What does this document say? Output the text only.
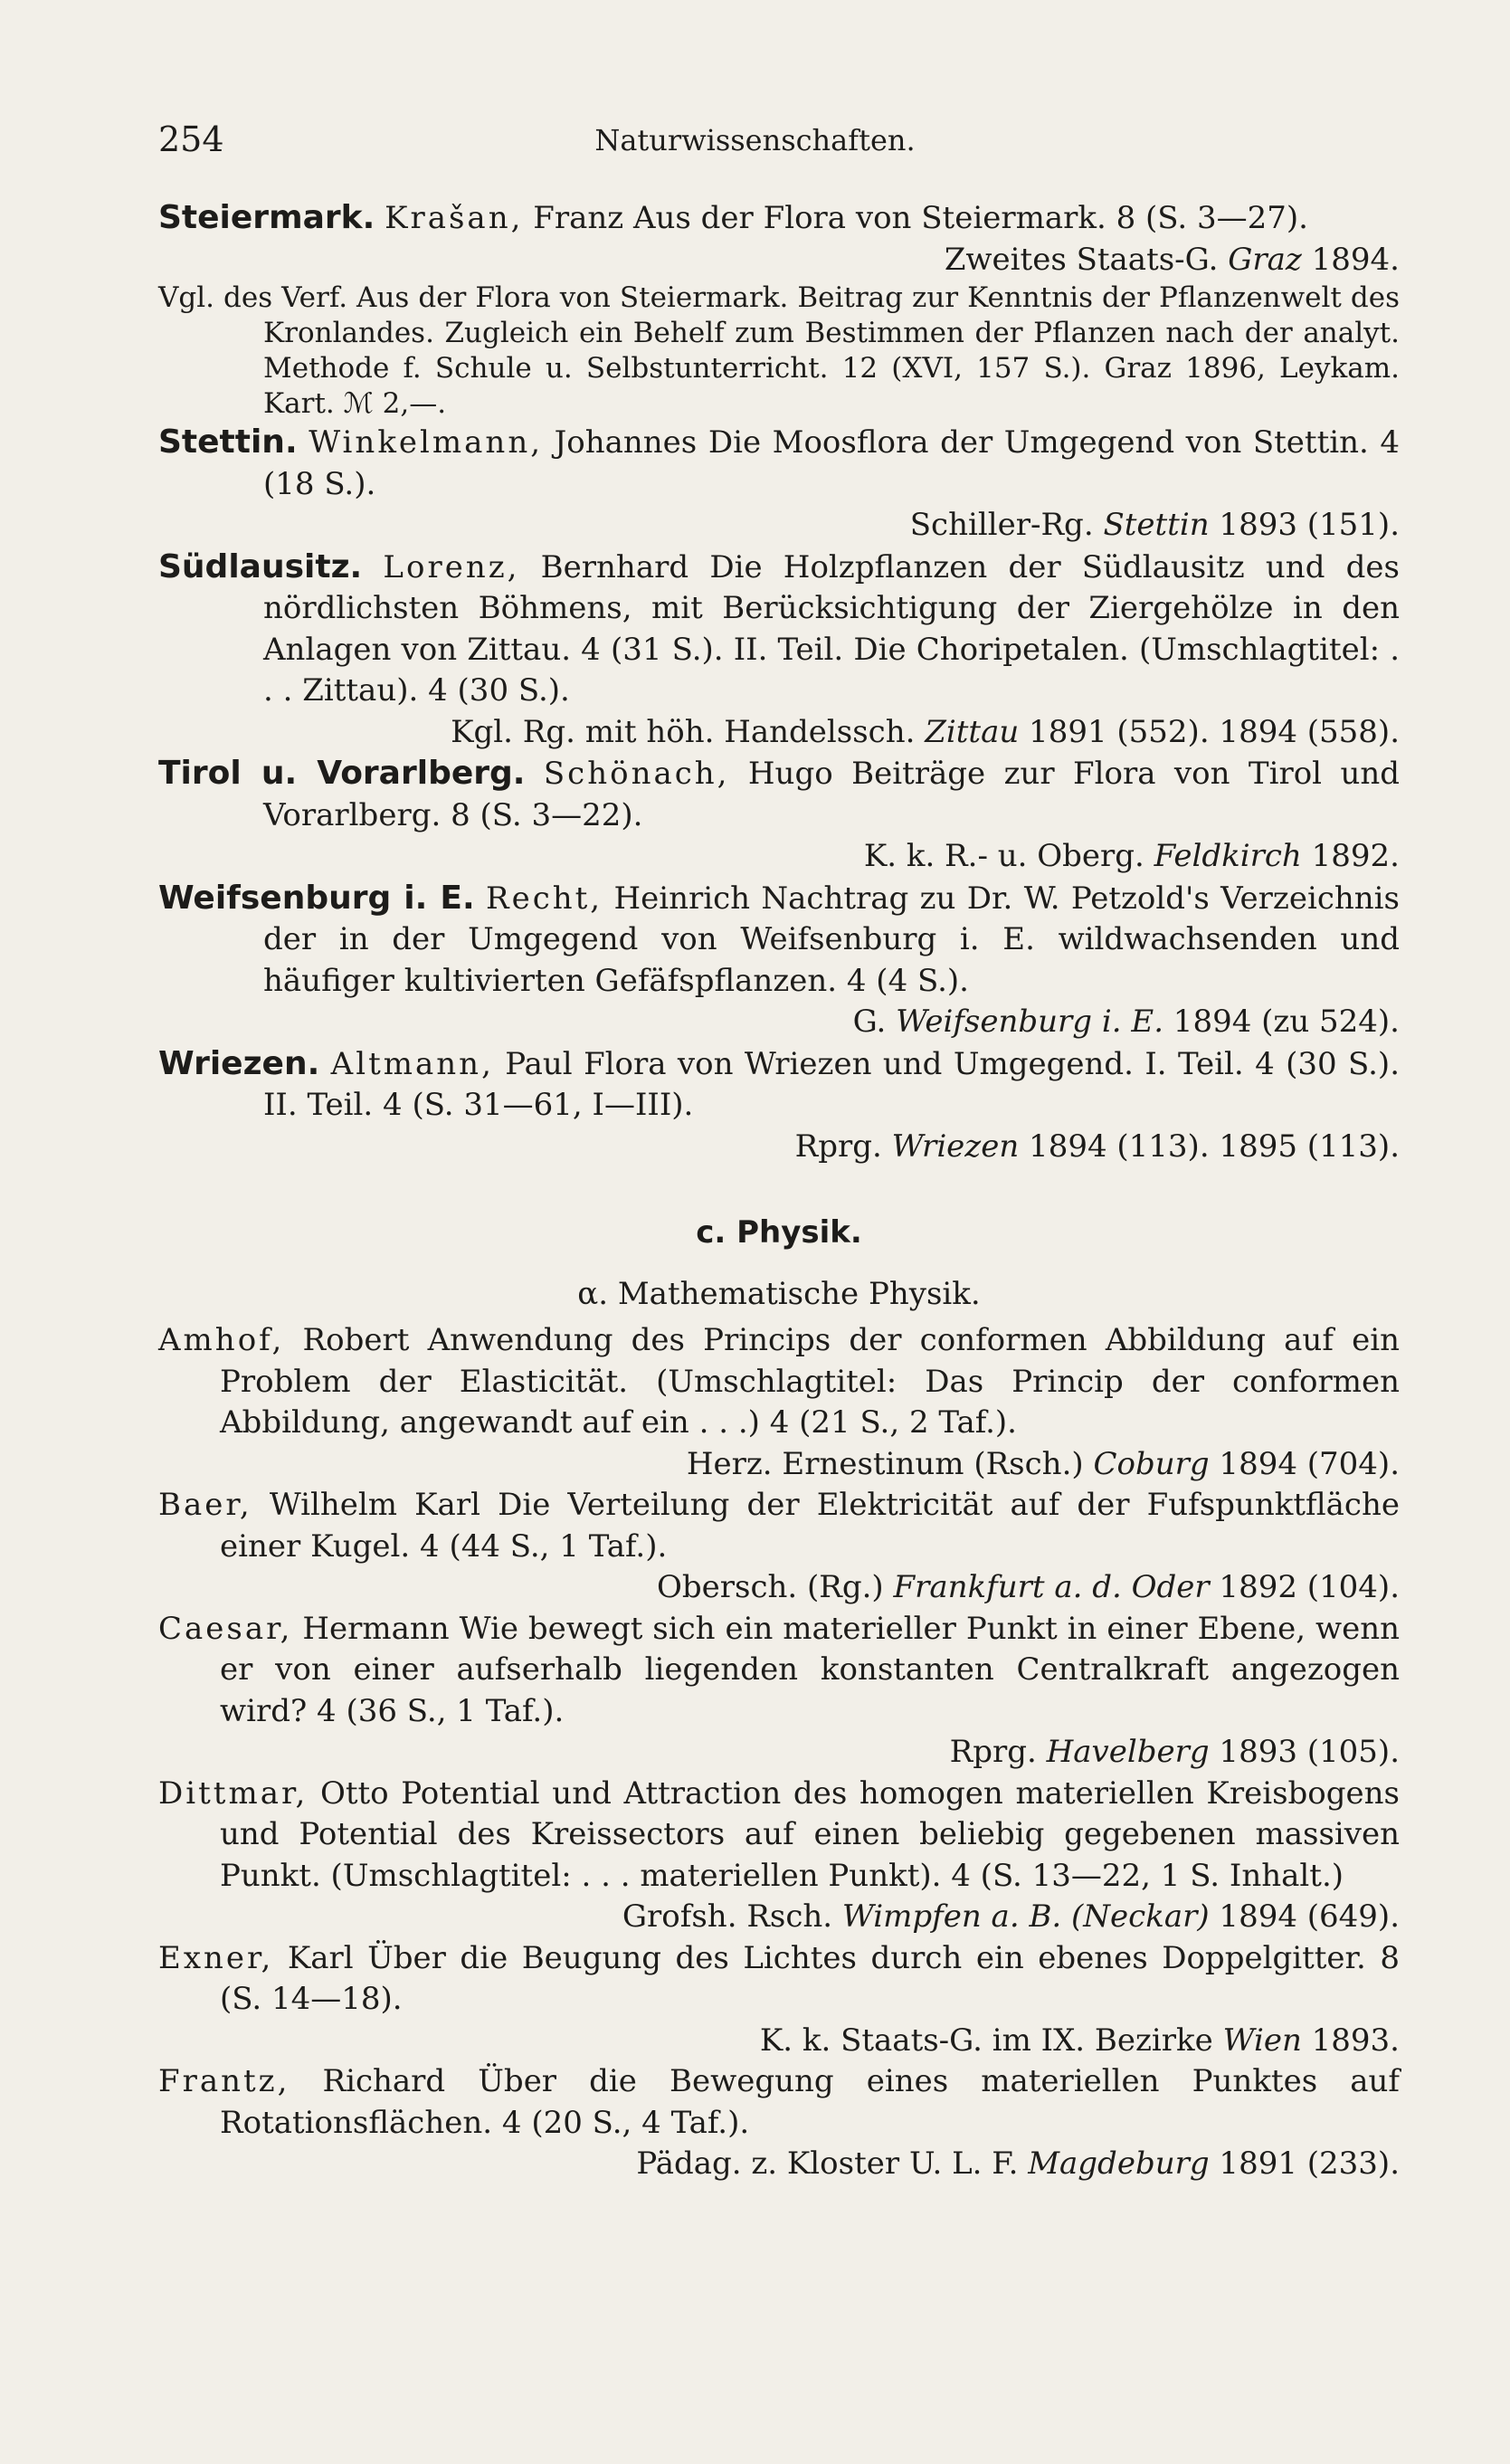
254	Naturwissenschaften.

Steiermark. Krašan, Franz Aus der Flora von Steiermark. 8 (S. 3—27).
Zweites Staats-G. Graz 1894.

Vgl. des Verf. Aus der Flora von Steiermark. Beitrag zur Kenntnis der Pflanzenwelt des Kronlandes. Zugleich ein Behelf zum Bestimmen der Pflanzen nach der analyt. Methode f. Schule u. Selbstunterricht. 12 (XVI, 157 S.). Graz 1896, Leykam. Kart. ℳ 2,—.

Stettin. Winkelmann, Johannes Die Moosflora der Umgegend von Stettin. 4 (18 S.).
Schiller-Rg. Stettin 1893 (151).

Südlausitz. Lorenz, Bernhard Die Holzpflanzen der Südlausitz und des nördlichsten Böhmens, mit Berücksichtigung der Ziergehölze in den Anlagen von Zittau. 4 (31 S.). II. Teil. Die Choripetalen. (Umschlagtitel: . . . Zittau). 4 (30 S.).
Kgl. Rg. mit höh. Handelssch. Zittau 1891 (552). 1894 (558).

Tirol u. Vorarlberg. Schönach, Hugo Beiträge zur Flora von Tirol und Vorarlberg. 8 (S. 3—22).
K. k. R.- u. Oberg. Feldkirch 1892.

Weifsenburg i. E. Recht, Heinrich Nachtrag zu Dr. W. Petzold's Verzeichnis der in der Umgegend von Weifsenburg i. E. wildwachsenden und häufiger kultivierten Gefäfspflanzen. 4 (4 S.).
G. Weifsenburg i. E. 1894 (zu 524).

Wriezen. Altmann, Paul Flora von Wriezen und Umgegend. I. Teil. 4 (30 S.). II. Teil. 4 (S. 31—61, I—III).
Rprg. Wriezen 1894 (113). 1895 (113).

c. Physik.
α. Mathematische Physik.

Amhof, Robert Anwendung des Princips der conformen Abbildung auf ein Problem der Elasticität. (Umschlagtitel: Das Princip der conformen Abbildung, angewandt auf ein . . .) 4 (21 S., 2 Taf.).
Herz. Ernestinum (Rsch.) Coburg 1894 (704).

Baer, Wilhelm Karl Die Verteilung der Elektricität auf der Fufspunktfläche einer Kugel. 4 (44 S., 1 Taf.).
Obersch. (Rg.) Frankfurt a. d. Oder 1892 (104).

Caesar, Hermann Wie bewegt sich ein materieller Punkt in einer Ebene, wenn er von einer aufserhalb liegenden konstanten Centralkraft angezogen wird? 4 (36 S., 1 Taf.).
Rprg. Havelberg 1893 (105).

Dittmar, Otto Potential und Attraction des homogen materiellen Kreisbogens und Potential des Kreissectors auf einen beliebig gegebenen massiven Punkt. (Umschlagtitel: . . . materiellen Punkt). 4 (S. 13—22, 1 S. Inhalt.)
Grofsh. Rsch. Wimpfen a. B. (Neckar) 1894 (649).

Exner, Karl Über die Beugung des Lichtes durch ein ebenes Doppelgitter. 8 (S. 14—18).
K. k. Staats-G. im IX. Bezirke Wien 1893.

Frantz, Richard Über die Bewegung eines materiellen Punktes auf Rotationsflächen. 4 (20 S., 4 Taf.).
Pädag. z. Kloster U. L. F. Magdeburg 1891 (233).
